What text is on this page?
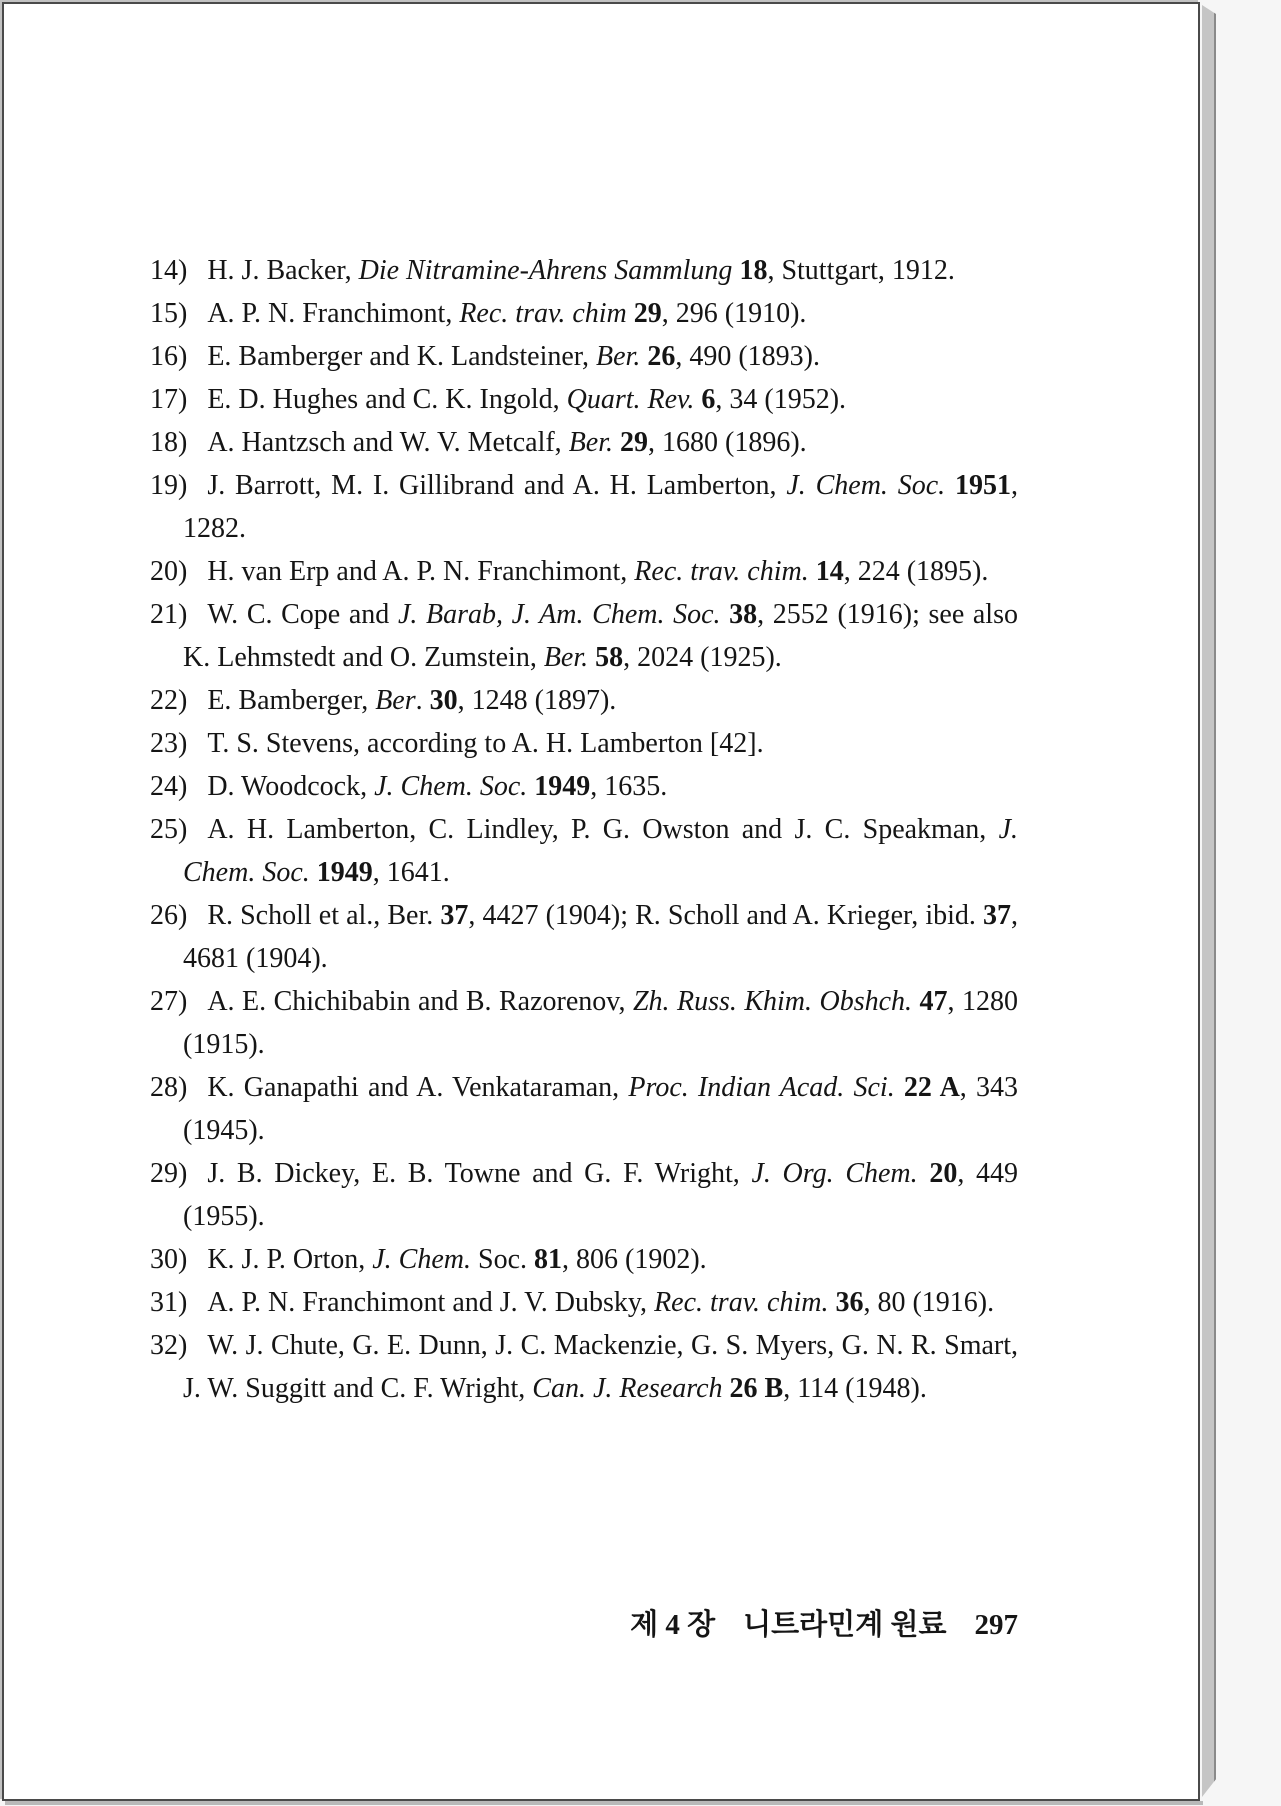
14) H. J. Backer, Die Nitramine-Ahrens Sammlung 18, Stuttgart, 1912.
15) A. P. N. Franchimont, Rec. trav. chim 29, 296 (1910).
16) E. Bamberger and K. Landsteiner, Ber. 26, 490 (1893).
17) E. D. Hughes and C. K. Ingold, Quart. Rev. 6, 34 (1952).
18) A. Hantzsch and W. V. Metcalf, Ber. 29, 1680 (1896).
19) J. Barrott, M. I. Gillibrand and A. H. Lamberton, J. Chem. Soc. 1951, 1282.
20) H. van Erp and A. P. N. Franchimont, Rec. trav. chim. 14, 224 (1895).
21) W. C. Cope and J. Barab, J. Am. Chem. Soc. 38, 2552 (1916); see also K. Lehmstedt and O. Zumstein, Ber. 58, 2024 (1925).
22) E. Bamberger, Ber. 30, 1248 (1897).
23) T. S. Stevens, according to A. H. Lamberton [42].
24) D. Woodcock, J. Chem. Soc. 1949, 1635.
25) A. H. Lamberton, C. Lindley, P. G. Owston and J. C. Speakman, J. Chem. Soc. 1949, 1641.
26) R. Scholl et al., Ber. 37, 4427 (1904); R. Scholl and A. Krieger, ibid. 37, 4681 (1904).
27) A. E. Chichibabin and B. Razorenov, Zh. Russ. Khim. Obshch. 47, 1280 (1915).
28) K. Ganapathi and A. Venkataraman, Proc. Indian Acad. Sci. 22 A, 343 (1945).
29) J. B. Dickey, E. B. Towne and G. F. Wright, J. Org. Chem. 20, 449 (1955).
30) K. J. P. Orton, J. Chem. Soc. 81, 806 (1902).
31) A. P. N. Franchimont and J. V. Dubsky, Rec. trav. chim. 36, 80 (1916).
32) W. J. Chute, G. E. Dunn, J. C. Mackenzie, G. S. Myers, G. N. R. Smart, J. W. Suggitt and C. F. Wright, Can. J. Research 26 B, 114 (1948).
제 4 장 니트라민계 원료 297
